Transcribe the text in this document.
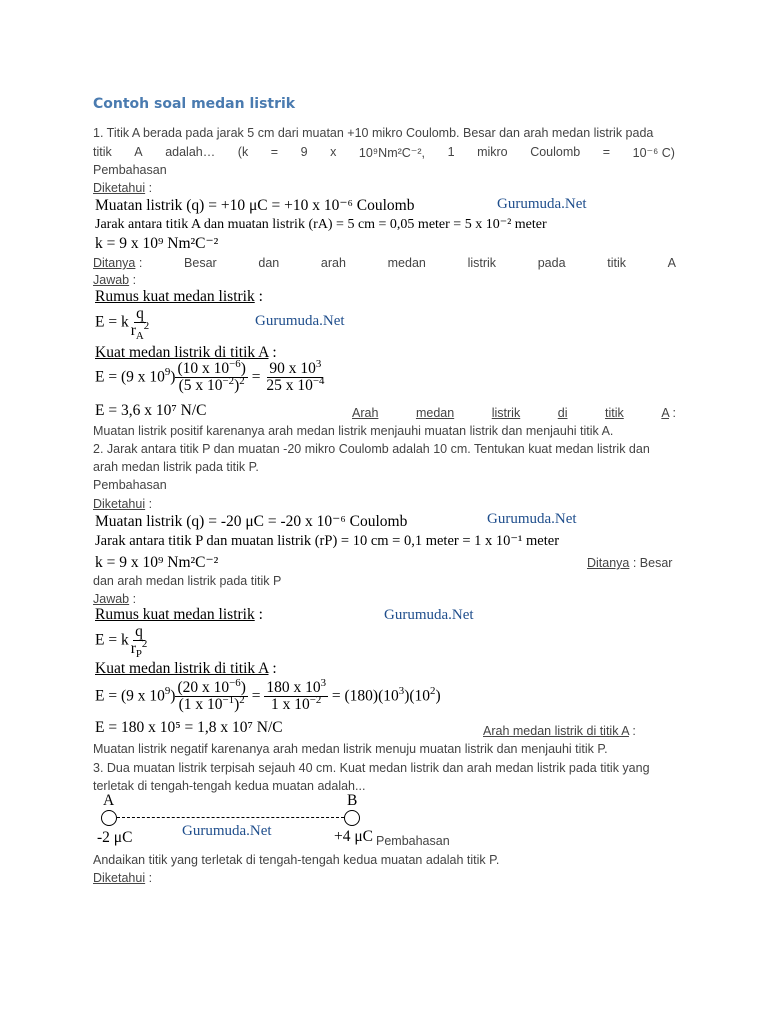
Contoh soal medan listrik
1. Titik A berada pada jarak 5 cm dari muatan +10 mikro Coulomb. Besar dan arah medan listrik pada
titik A adalah… (k = 9 x 10⁹Nm²C⁻², 1 mikro Coulomb = 10⁻⁶ C)
Pembahasan
Diketahui :
Muatan listrik (q) = +10 μC = +10 x 10⁻⁶ Coulomb	Gurumuda.Net
Jarak antara titik A dan muatan listrik (rA) = 5 cm = 0,05 meter = 5 x 10⁻² meter
k = 9 x 10⁹ Nm²C⁻²
Ditanya :	Besar	dan	arah	medan	listrik	pada	titik	A
Jawab :
Rumus kuat medan listrik :
E = k $\frac{q}{r_A^2}$	Gurumuda.Net
Kuat medan listrik di titik A :
E = (9 x $10^9) \frac{(10 x 10^{-6})}{(5 x 10^{-2})^2} = \frac{90 x 10^3}{25 x 10^{-4}}$
E = 3,6 x 10⁷ N/C	Arah	medan	listrik	di	titik	A :
Muatan listrik positif karenanya arah medan listrik menjauhi muatan listrik dan menjauhi titik A.
2. Jarak antara titik P dan muatan -20 mikro Coulomb adalah 10 cm. Tentukan kuat medan listrik dan
arah medan listrik pada titik P.
Pembahasan
Diketahui :
Muatan listrik (q) = -20 μC = -20 x 10⁻⁶ Coulomb	Gurumuda.Net
Jarak antara titik P dan muatan listrik (rP) = 10 cm = 0,1 meter = 1 x 10⁻¹ meter
k = 9 x 10⁹ Nm²C⁻²	Ditanya : Besar
dan arah medan listrik pada titik P
Jawab :
Rumus kuat medan listrik :	Gurumuda.Net
E = k $\frac{q}{r_P^2}$
Kuat medan listrik di titik A :
E = (9 x $10^9) \frac{(20 x 10^{-6})}{(1 x 10^{-1})^2} = \frac{180 x 10^3}{1 x 10^{-2}} = (180)(10^3)(10^2)$
E = 180 x 10⁵ = 1,8 x 10⁷ N/C	Arah medan listrik di titik A :
Muatan listrik negatif karenanya arah medan listrik menuju muatan listrik dan menjauhi titik P.
3. Dua muatan listrik terpisah sejauh 40 cm. Kuat medan listrik dan arah medan listrik pada titik yang
terletak di tengah-tengah kedua muatan adalah...
A	B
-2 μC	Gurumuda.Net	+4 μC Pembahasan
Andaikan titik yang terletak di tengah-tengah kedua muatan adalah titik P.
Diketahui :
